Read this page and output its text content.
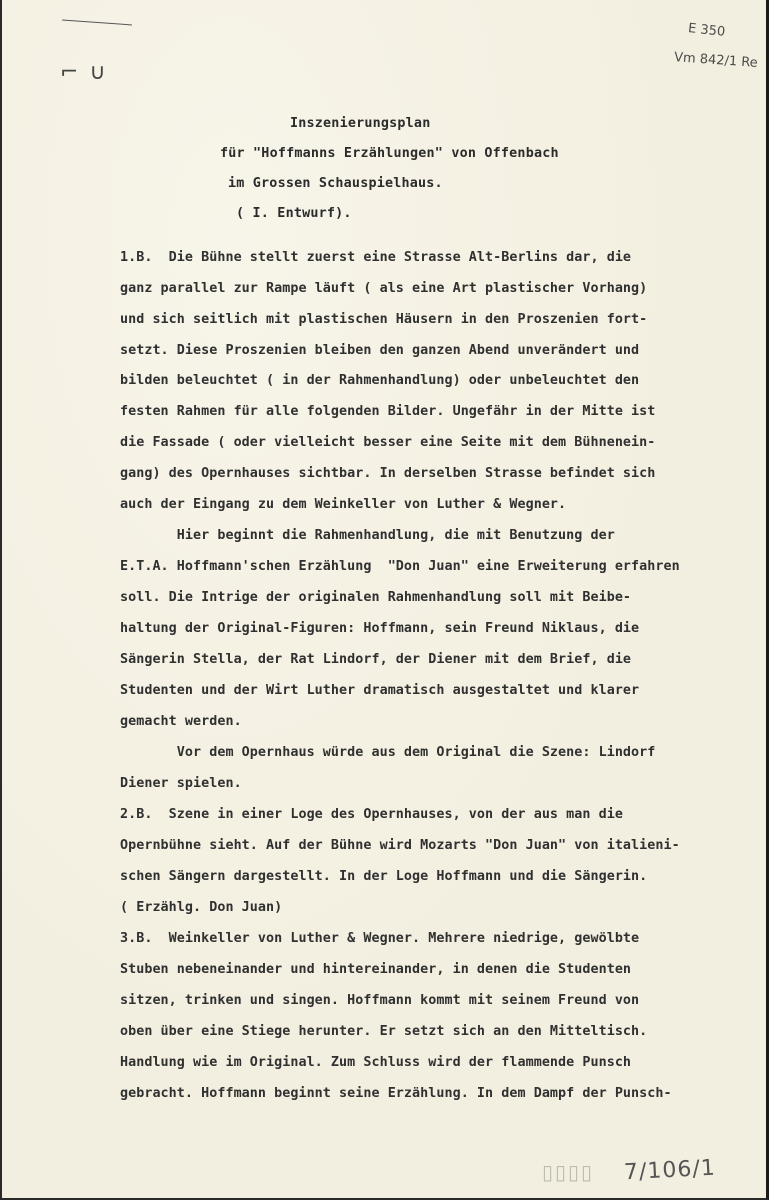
⌐ ∪
E 350
Vm 842/1 Re
Inszenierungsplan
für "Hoffmanns Erzählungen" von Offenbach
im Grossen Schauspielhaus.
( I. Entwurf).
1.B.  Die Bühne stellt zuerst eine Strasse Alt-Berlins dar, die
ganz parallel zur Rampe läuft ( als eine Art plastischer Vorhang)
und sich seitlich mit plastischen Häusern in den Proszenien fort-
setzt. Diese Proszenien bleiben den ganzen Abend unverändert und
bilden beleuchtet ( in der Rahmenhandlung) oder unbeleuchtet den
festen Rahmen für alle folgenden Bilder. Ungefähr in der Mitte ist
die Fassade ( oder vielleicht besser eine Seite mit dem Bühnenein-
gang) des Opernhauses sichtbar. In derselben Strasse befindet sich
auch der Eingang zu dem Weinkeller von Luther & Wegner.
Hier beginnt die Rahmenhandlung, die mit Benutzung der
E.T.A. Hoffmann'schen Erzählung  "Don Juan" eine Erweiterung erfahren
soll. Die Intrige der originalen Rahmenhandlung soll mit Beibe-
haltung der Original-Figuren: Hoffmann, sein Freund Niklaus, die
Sängerin Stella, der Rat Lindorf, der Diener mit dem Brief, die
Studenten und der Wirt Luther dramatisch ausgestaltet und klarer
gemacht werden.
Vor dem Opernhaus würde aus dem Original die Szene: Lindorf
Diener spielen.
2.B.  Szene in einer Loge des Opernhauses, von der aus man die
Opernbühne sieht. Auf der Bühne wird Mozarts "Don Juan" von italieni-
schen Sängern dargestellt. In der Loge Hoffmann und die Sängerin.
( Erzählg. Don Juan)
3.B.  Weinkeller von Luther & Wegner. Mehrere niedrige, gewölbte
Stuben nebeneinander und hintereinander, in denen die Studenten
sitzen, trinken und singen. Hoffmann kommt mit seinem Freund von
oben über eine Stiege herunter. Er setzt sich an den Mitteltisch.
Handlung wie im Original. Zum Schluss wird der flammende Punsch
gebracht. Hoffmann beginnt seine Erzählung. In dem Dampf der Punsch-
▯▯▯▯ 7/106/1
